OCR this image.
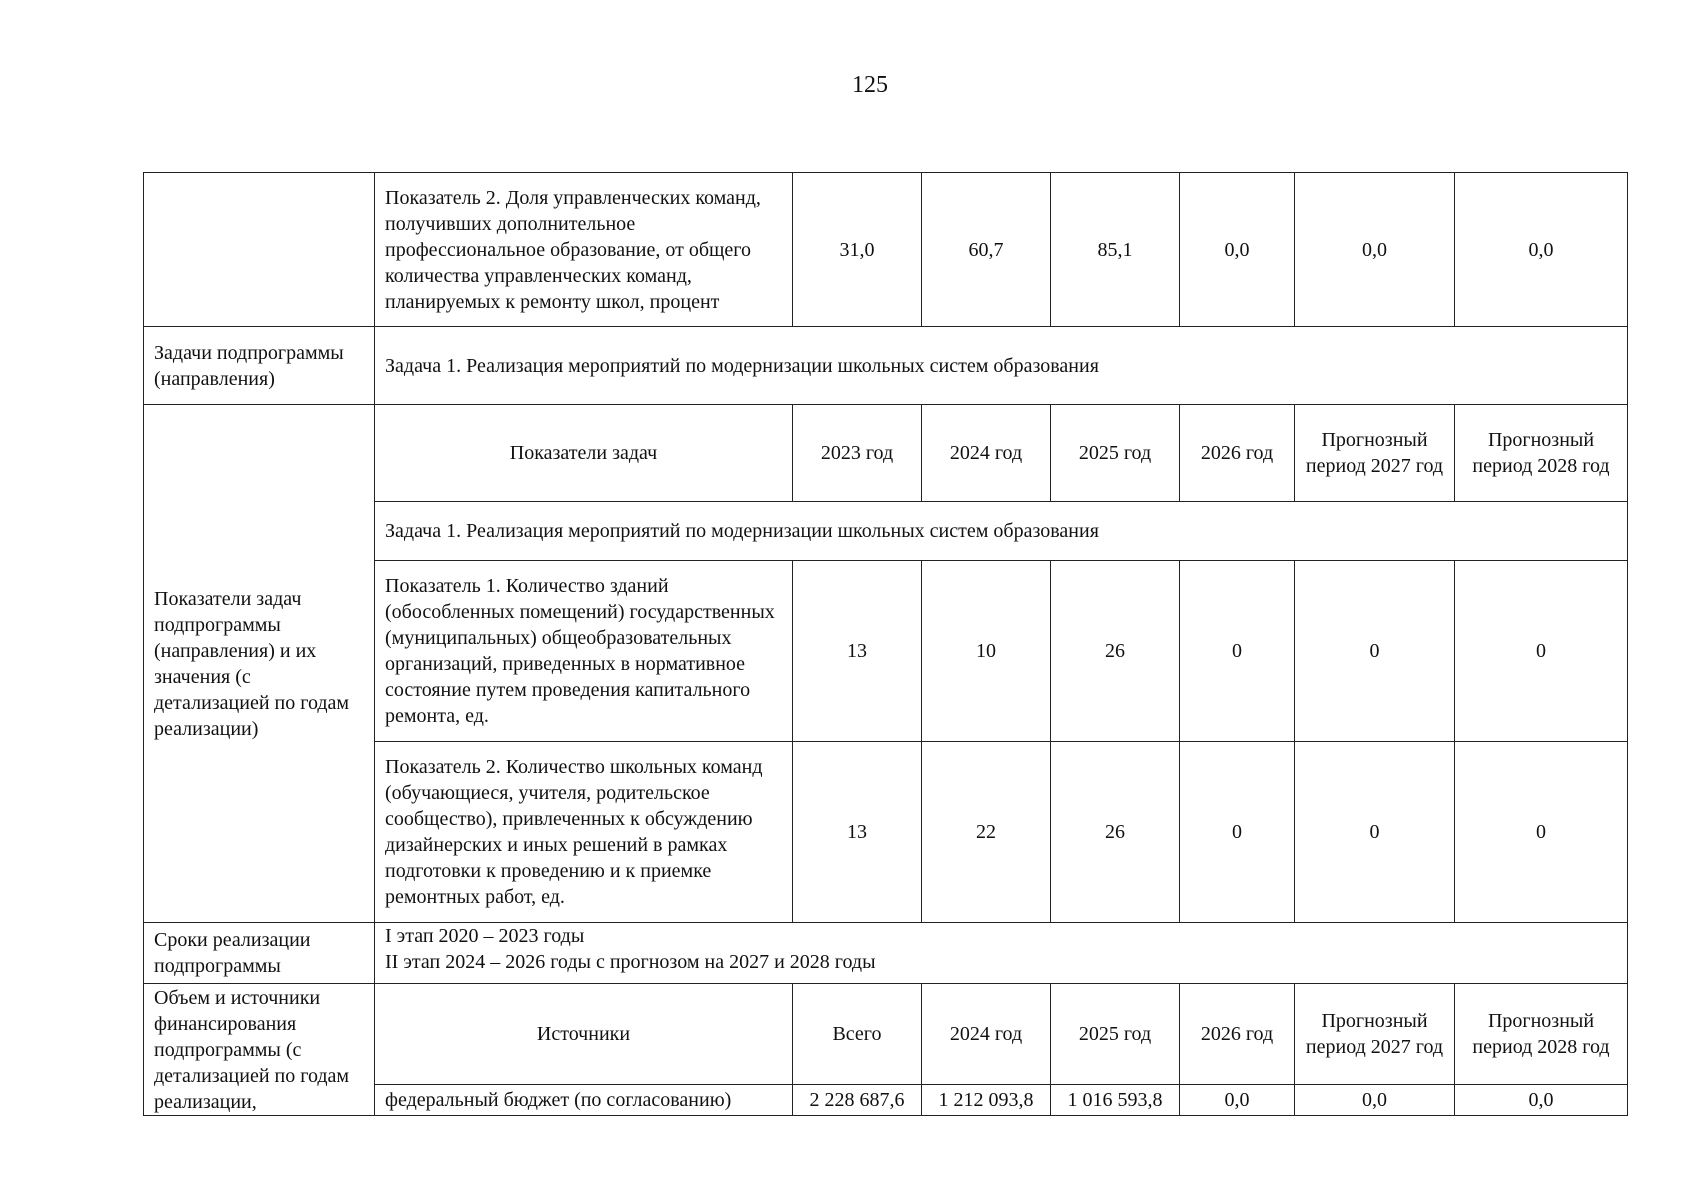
125
	Показатель 2. Доля управленческих команд, получивших дополнительное профессиональное образование, от общего количества управленческих команд, планируемых к ремонту школ, процент	31,0	60,7	85,1	0,0	0,0	0,0
Задачи подпрограммы (направления)	Задача 1. Реализация мероприятий по модернизации школьных систем образования						
Показатели задач подпрограммы (направления) и их значения (с детализацией по годам реализации)	Показатели задач	2023 год	2024 год	2025 год	2026 год	Прогнозный период 2027 год	Прогнозный период 2028 год
	Задача 1. Реализация мероприятий по модернизации школьных систем образования						
	Показатель 1. Количество зданий (обособленных помещений) государственных (муниципальных) общеобразовательных организаций, приведенных в нормативное состояние путем проведения капитального ремонта, ед.	13	10	26	0	0	0
	Показатель 2. Количество школьных команд (обучающиеся, учителя, родительское сообщество), привлеченных к обсуждению дизайнерских и иных решений в рамках подготовки к проведению и к приемке ремонтных работ, ед.	13	22	26	0	0	0
Сроки реализации подпрограммы	I этап 2020 – 2023 годы
II этап 2024 – 2026 годы с прогнозом на 2027 и 2028 годы						

Объем и источники финансирования подпрограммы (с детализацией по годам реализации,	Источники	Всего	2024 год	2025 год	2026 год	Прогнозный период 2027 год	Прогнозный период 2028 год
	федеральный бюджет (по согласованию)	2 228 687,6	1 212 093,8	1 016 593,8	0,0	0,0	0,0
